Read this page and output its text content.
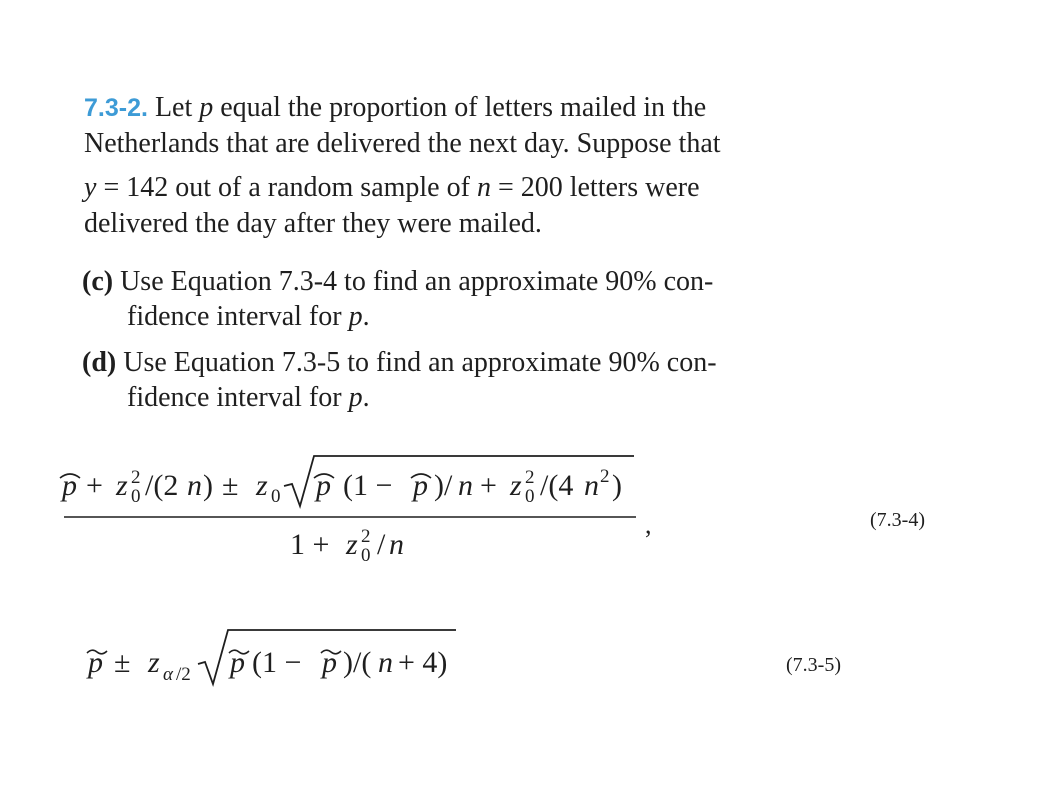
7.3-2. Let p equal the proportion of letters mailed in the
Netherlands that are delivered the next day. Suppose that
y = 142 out of a random sample of n = 200 letters were
delivered the day after they were mailed.
(c) Use Equation 7.3-4 to find an approximate 90% con-
fidence interval for p.
(d) Use Equation 7.3-5 to find an approximate 90% con-
fidence interval for p.
p + z 2
0 /(2 n ) ± z 0 p (1 − p )/ n + z 2
0 /(4 n 2 )
,
1 + z 2
0 / n
(7.3-4)
p ± z α /2 p (1 − p )/( n + 4)	(7.3-5)
